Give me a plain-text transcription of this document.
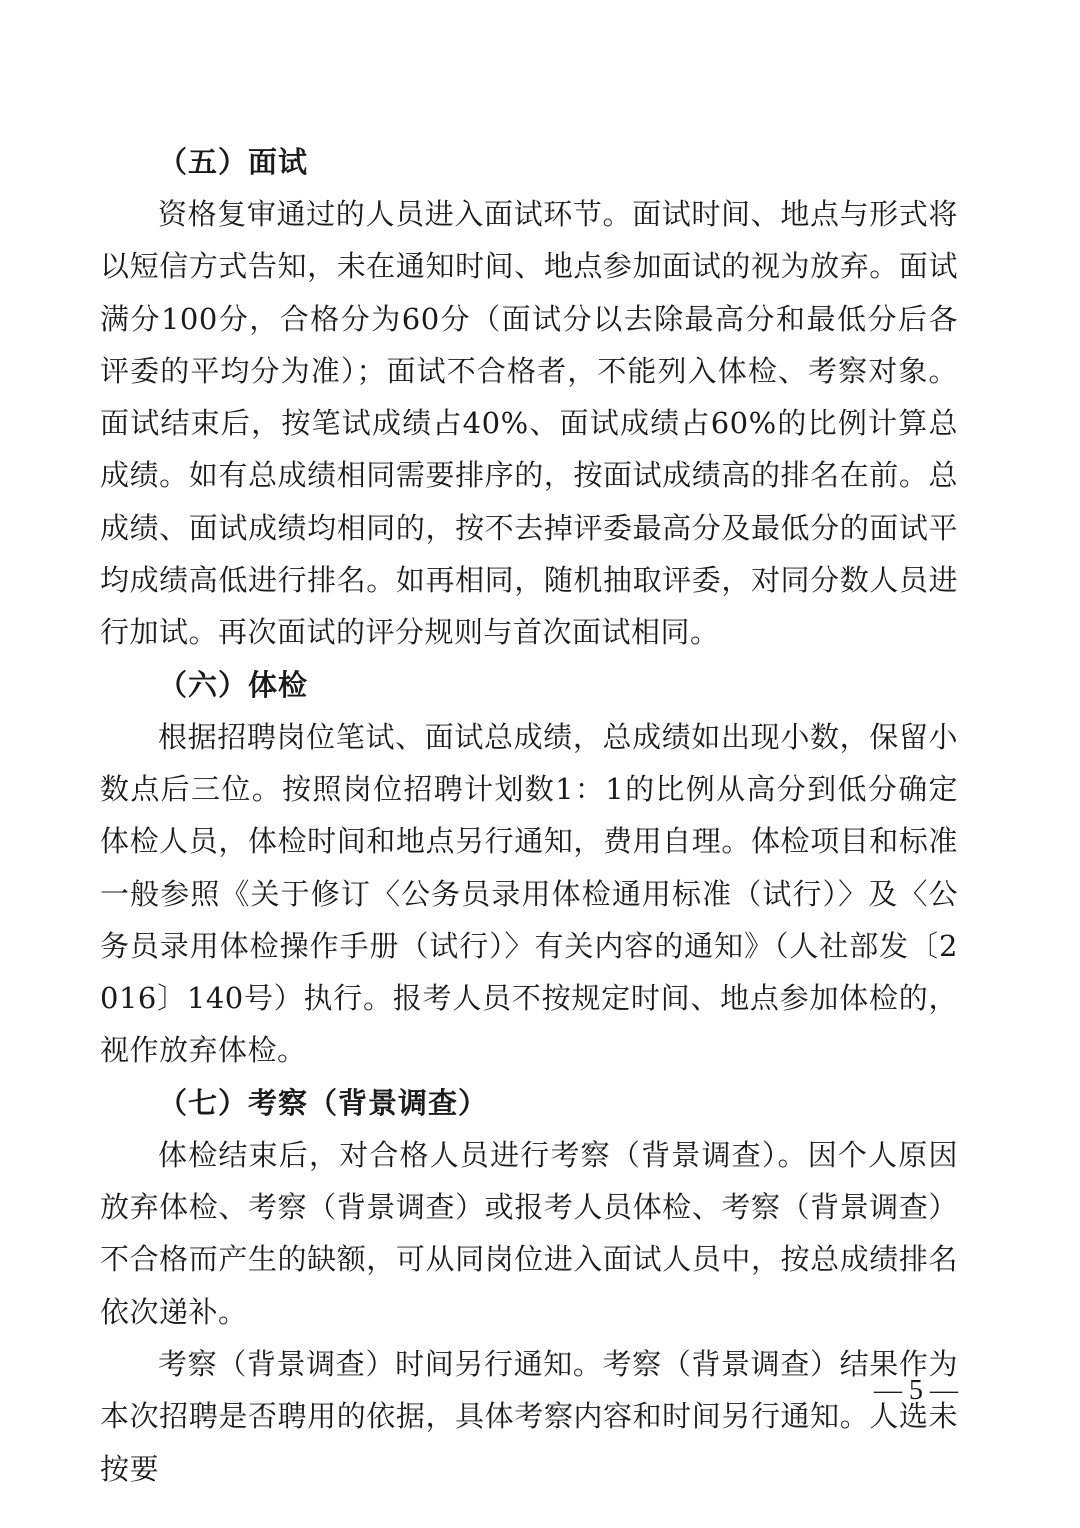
（五）面试

资格复审通过的人员进入面试环节。面试时间、地点与形式将以短信方式告知，未在通知时间、地点参加面试的视为放弃。面试满分100分，合格分为60分（面试分以去除最高分和最低分后各评委的平均分为准）；面试不合格者，不能列入体检、考察对象。面试结束后，按笔试成绩占40%、面试成绩占60%的比例计算总成绩。如有总成绩相同需要排序的，按面试成绩高的排名在前。总成绩、面试成绩均相同的，按不去掉评委最高分及最低分的面试平均成绩高低进行排名。如再相同，随机抽取评委，对同分数人员进行加试。再次面试的评分规则与首次面试相同。

（六）体检

根据招聘岗位笔试、面试总成绩，总成绩如出现小数，保留小数点后三位。按照岗位招聘计划数1：1的比例从高分到低分确定体检人员，体检时间和地点另行通知，费用自理。体检项目和标准一般参照《关于修订〈公务员录用体检通用标准（试行）〉及〈公务员录用体检操作手册（试行）〉有关内容的通知》（人社部发〔2016〕140号）执行。报考人员不按规定时间、地点参加体检的，视作放弃体检。

（七）考察（背景调查）

体检结束后，对合格人员进行考察（背景调查）。因个人原因放弃体检、考察（背景调查）或报考人员体检、考察（背景调查）不合格而产生的缺额，可从同岗位进入面试人员中，按总成绩排名依次递补。

考察（背景调查）时间另行通知。考察（背景调查）结果作为本次招聘是否聘用的依据，具体考察内容和时间另行通知。人选未按要

— 5 —
